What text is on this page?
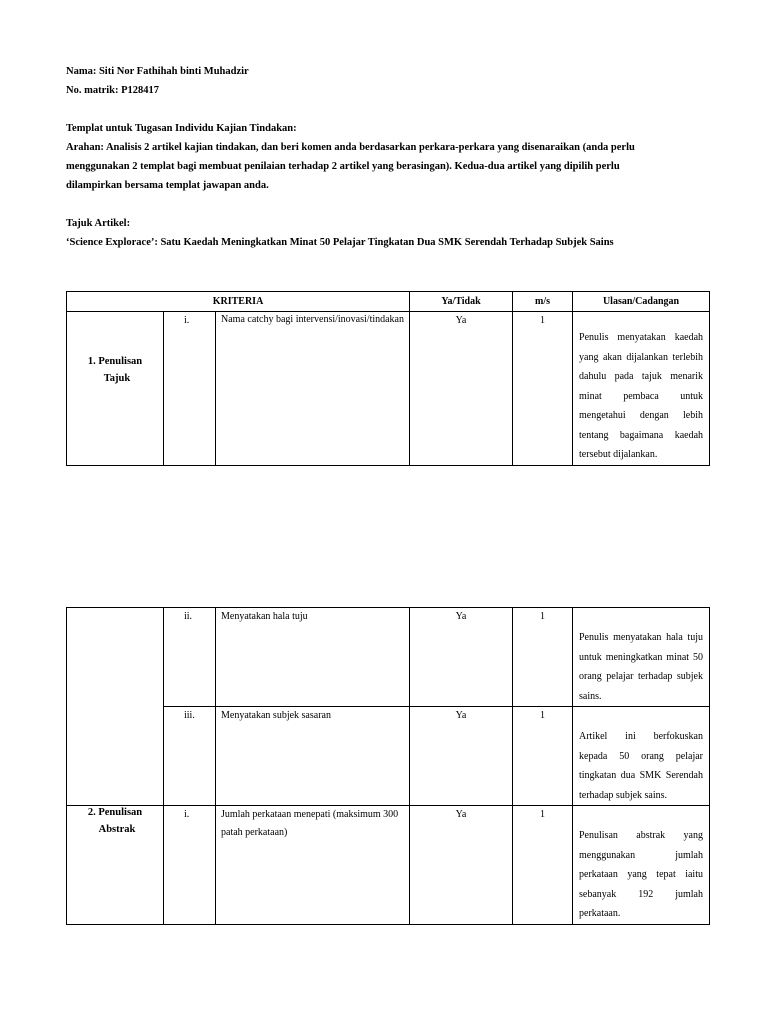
Nama: Siti Nor Fathihah binti Muhadzir
No. matrik: P128417
Templat untuk Tugasan Individu Kajian Tindakan:
Arahan: Analisis 2 artikel kajian tindakan, dan beri komen anda berdasarkan perkara-perkara yang disenaraikan (anda perlu
menggunakan 2 templat bagi membuat penilaian terhadap 2 artikel yang berasingan). Kedua-dua artikel yang dipilih perlu
dilampirkan bersama templat jawapan anda.
Tajuk Artikel:
‘Science Explorace’: Satu Kaedah Meningkatkan Minat 50 Pelajar Tingkatan Dua SMK Serendah Terhadap Subjek Sains
KRITERIA			Ya/Tidak	m/s	Ulasan/Cadangan

1. Penulisan
Tajuk	i.	Nama catchy bagi intervensi/inovasi/tindakan	Ya	1	Penulis menyatakan kaedah yang akan dijalankan terlebih dahulu pada tajuk menarik minat pembaca untuk mengetahui dengan lebih tentang bagaimana kaedah tersebut dijalankan.
	ii.	Menyatakan hala tuju	Ya	1	Penulis menyatakan hala tuju untuk meningkatkan minat 50 orang pelajar terhadap subjek sains.
	iii.	Menyatakan subjek sasaran	Ya	1	Artikel ini berfokuskan kepada 50 orang pelajar tingkatan dua SMK Serendah terhadap subjek sains.

2. Penulisan
Abstrak	i.	Jumlah perkataan menepati (maksimum 300 patah perkataan)	Ya	1	Penulisan abstrak yang menggunakan jumlah perkataan yang tepat iaitu sebanyak 192 jumlah perkataan.
